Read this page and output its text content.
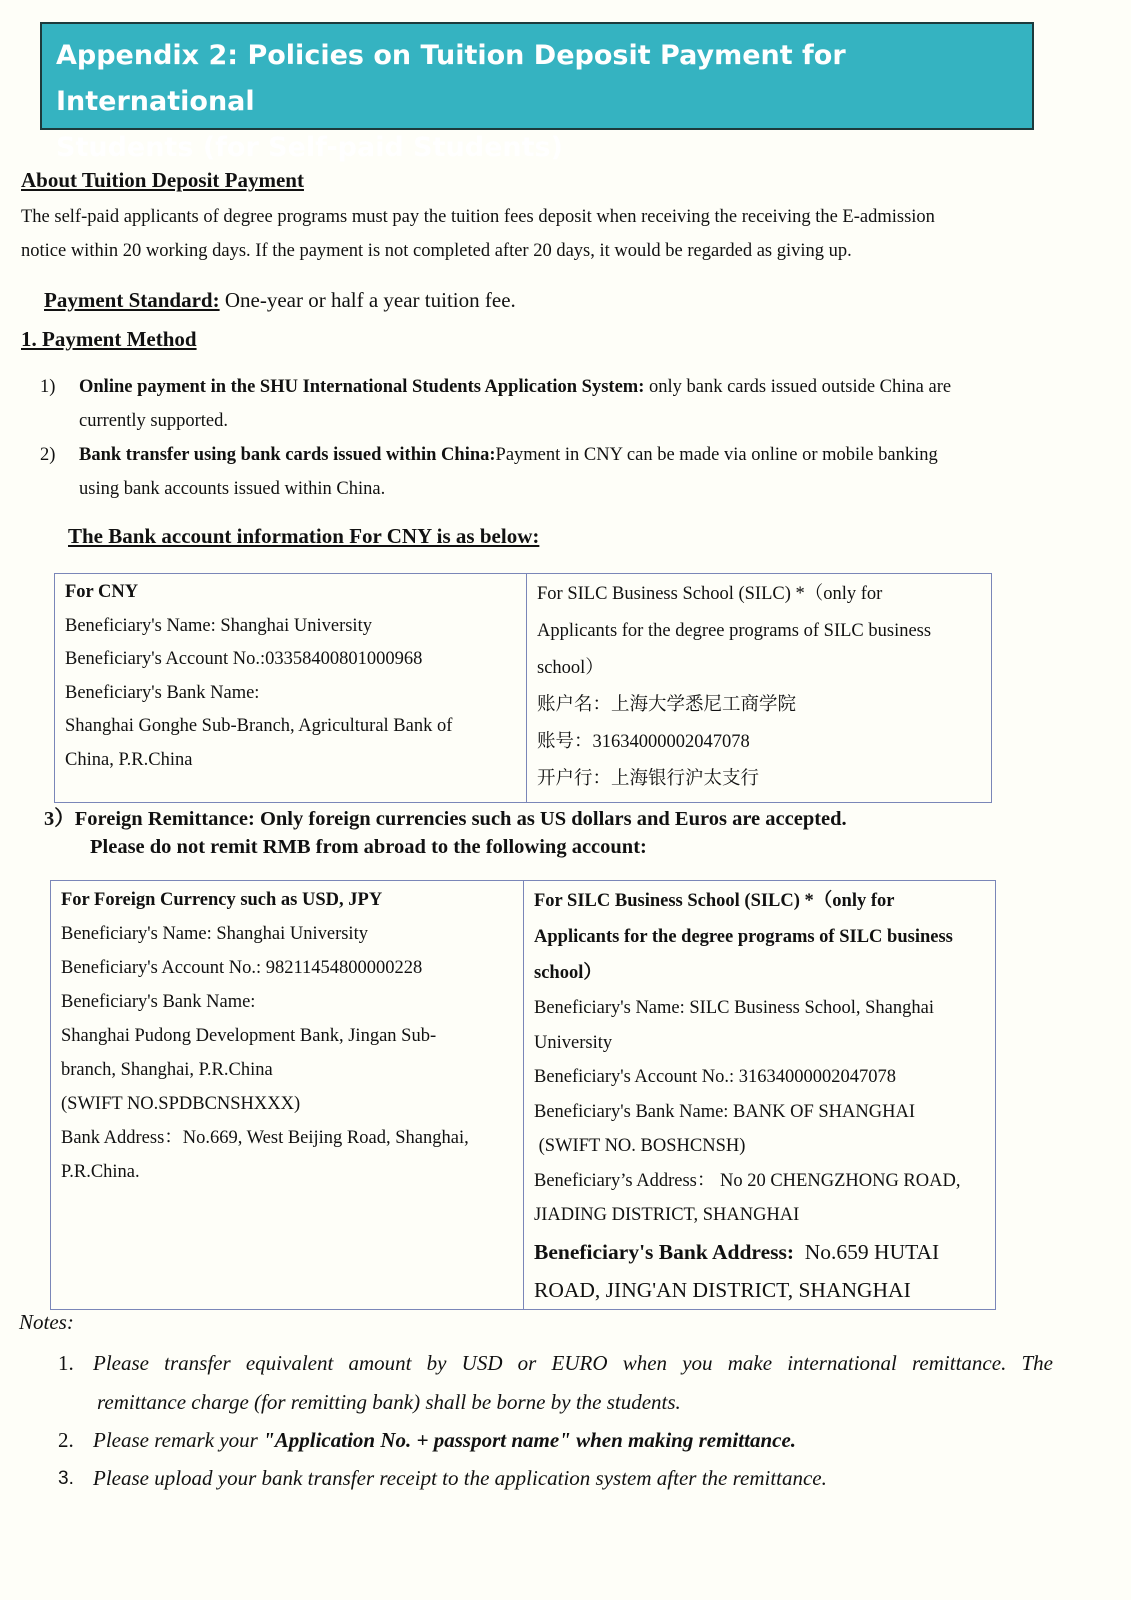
Appendix 2: Policies on Tuition Deposit Payment for International
Students (for Self-paid Students)
About Tuition Deposit Payment
The self-paid applicants of degree programs must pay the tuition fees deposit when receiving the receiving the E-admission
notice within 20 working days. If the payment is not completed after 20 days, it would be regarded as giving up.
Payment Standard: One-year or half a year tuition fee.
1. Payment Method
1) Online payment in the SHU International Students Application System: only bank cards issued outside China are
currently supported.
2) Bank transfer using bank cards issued within China:Payment in CNY can be made via online or mobile banking
using bank accounts issued within China.
The Bank account information For CNY is as below:
For CNY
Beneficiary's Name: Shanghai University
Beneficiary's Account No.:03358400801000968
Beneficiary's Bank Name:
Shanghai Gonghe Sub-Branch, Agricultural Bank of
China, P.R.China

For SILC Business School (SILC) *（only for
Applicants for the degree programs of SILC business
school）
账户名：上海大学悉尼工商学院
账号：31634000002047078
开户行：上海银行沪太支行
3）Foreign Remittance: Only foreign currencies such as US dollars and Euros are accepted.
Please do not remit RMB from abroad to the following account:
For Foreign Currency such as USD, JPY
Beneficiary's Name: Shanghai University
Beneficiary's Account No.: 98211454800000228
Beneficiary's Bank Name:
Shanghai Pudong Development Bank, Jingan Sub-
branch, Shanghai, P.R.China
(SWIFT NO.SPDBCNSHXXX)
Bank Address：No.669, West Beijing Road, Shanghai,
P.R.China.

For SILC Business School (SILC) *（only for
Applicants for the degree programs of SILC business
school）
Beneficiary's Name: SILC Business School, Shanghai
University
Beneficiary's Account No.: 31634000002047078
Beneficiary's Bank Name: BANK OF SHANGHAI
(SWIFT NO. BOSHCNSH)
Beneficiary’s Address： No 20 CHENGZHONG ROAD,
JIADING DISTRICT, SHANGHAI
Beneficiary's Bank Address:  No.659 HUTAI
ROAD, JING'AN DISTRICT, SHANGHAI
Notes:
1. Please transfer equivalent amount by USD or EURO when you make international remittance. The
remittance charge (for remitting bank) shall be borne by the students.
2. Please remark your "Application No. + passport name" when making remittance.
3. Please upload your bank transfer receipt to the application system after the remittance.
